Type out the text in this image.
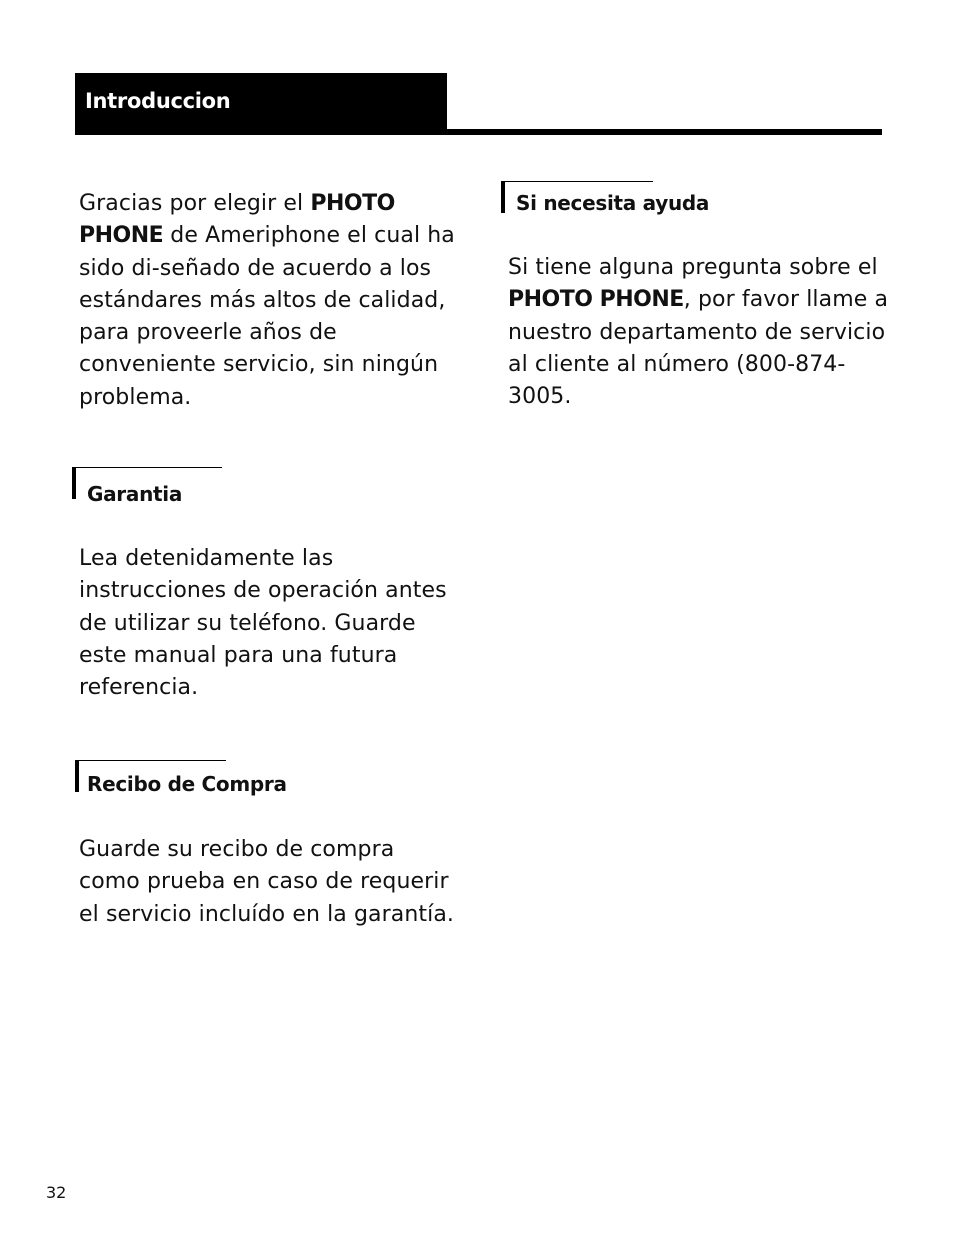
Introduccion

Gracias por elegir el PHOTO
PHONE de Ameriphone el cual ha
sido di-señado de acuerdo a los
estándares más altos de calidad,
para proveerle años de
conveniente servicio, sin ningún
problema.

Garantia

Lea detenidamente las
instrucciones de operación antes
de utilizar su teléfono. Guarde
este manual para una futura
referencia.

Recibo de Compra

Guarde su recibo de compra
como prueba en caso de requerir
el servicio incluído en la garantía.

Si necesita ayuda

Si tiene alguna pregunta sobre el
PHOTO PHONE, por favor llame a
nuestro departamento de servicio
al cliente al número (800-874-
3005.

32
